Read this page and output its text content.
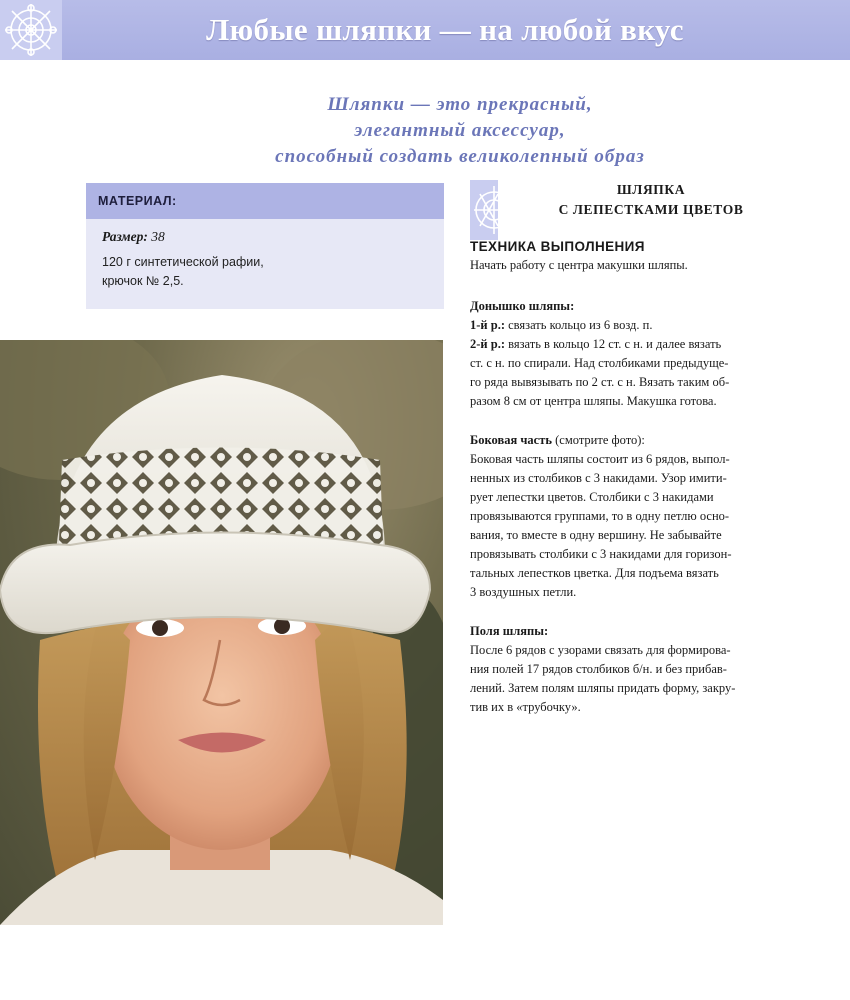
Любые шляпки — на любой вкус
Шляпки — это прекрасный,
элегантный аксессуар,
способный создать великолепный образ
МАТЕРИАЛ:
Размер: 38
120 г синтетической рафии,
крючок № 2,5.
ШЛЯПКА
С ЛЕПЕСТКАМИ ЦВЕТОВ
ТЕХНИКА ВЫПОЛНЕНИЯ

Начать работу с центра макушки шляпы.

Донышко шляпы:
1-й р.: связать кольцо из 6 возд. п.
2-й р.: вязать в кольцо 12 ст. с н. и далее вязать
ст. с н. по спирали. Над столбиками предыдуще-
го ряда вывязывать по 2 ст. с н. Вязать таким об-
разом 8 см от центра шляпы. Макушка готова.
Боковая часть (смотрите фото):
Боковая часть шляпы состоит из 6 рядов, выпол-
ненных из столбиков с 3 накидами. Узор имити-
рует лепестки цветов. Столбики с 3 накидами
провязываются группами, то в одну петлю осно-
вания, то вместе в одну вершину. Не забывайте
провязывать столбики с 3 накидами для горизон-
тальных лепестков цветка. Для подъема вязать
3 воздушных петли.
Поля шляпы:
После 6 рядов с узорами связать для формирова-
ния полей 17 рядов столбиков б/н. и без прибав-
лений. Затем полям шляпы придать форму, закру-
тив их в «трубочку».
